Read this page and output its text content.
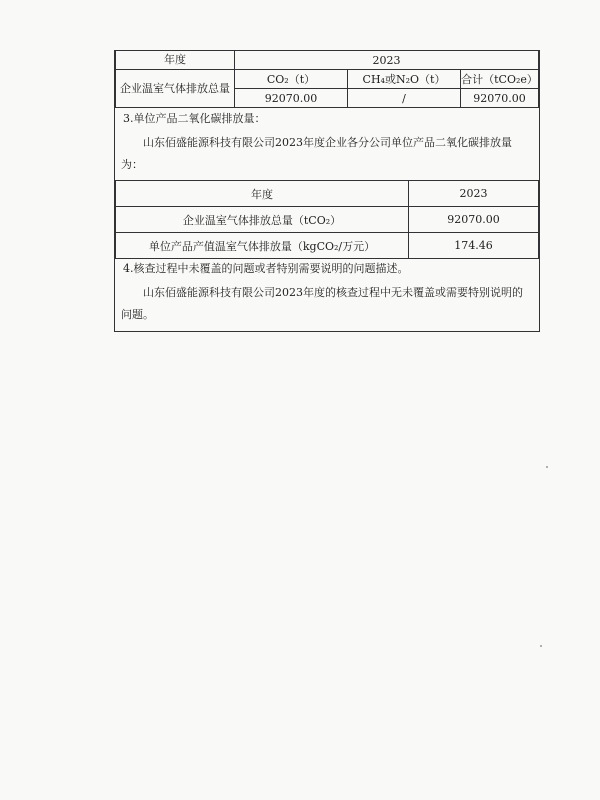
年度	2023		
企业温室气体排放总量	CO₂（t）	CH₄或N₂O（t）	合计（tCO₂e）
	92070.00	/	92070.00
3.单位产品二氧化碳排放量：
山东佰盛能源科技有限公司2023年度企业各分公司单位产品二氧化碳排放量为：
年度	2023
企业温室气体排放总量（tCO₂）	92070.00
单位产品产值温室气体排放量（kgCO₂/万元）	174.46
4.核查过程中未覆盖的问题或者特别需要说明的问题描述。
山东佰盛能源科技有限公司2023年度的核查过程中无未覆盖或需要特别说明的问题。
